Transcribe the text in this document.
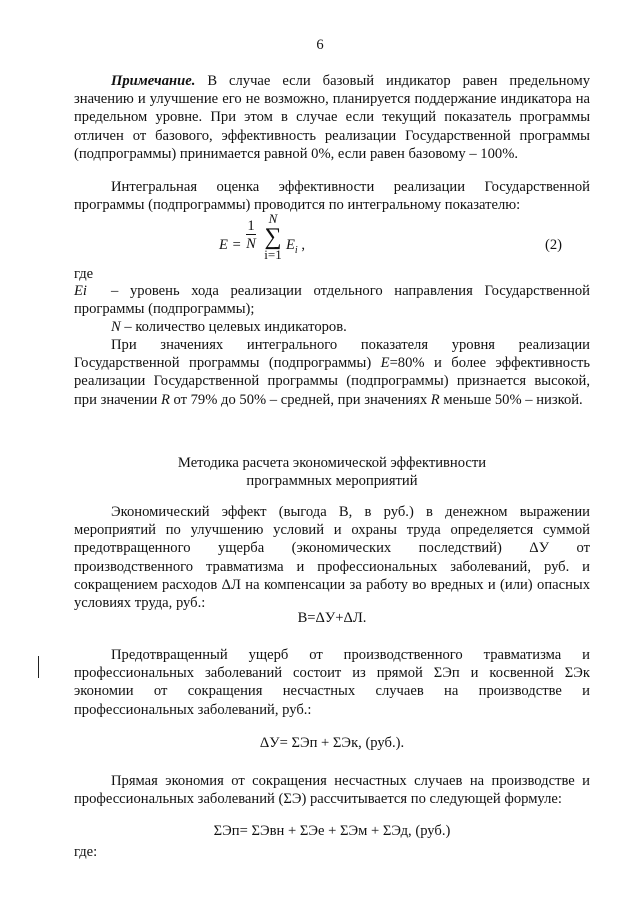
6

Примечание. В случае если базовый индикатор равен предельному значению и улучшение его не возможно, планируется поддержание индикатора на предельном уровне. При этом в случае если текущий показатель программы отличен от базового, эффективность реализации Государственной программы (подпрограммы) принимается равной 0%, если равен базовому – 100%.

Интегральная оценка эффективности реализации Государственной программы (подпрограммы) проводится по интегральному показателю:

E =
1
N
N
∑
i=1
$E_i$ ,	(2)
где

Ei – уровень хода реализации отдельного направления Государственной программы (подпрограммы);

N – количество целевых индикаторов.

При значениях интегрального показателя уровня реализации Государственной программы (подпрограммы) E=80% и более эффективность реализации Государственной программы (подпрограммы) признается высокой, при значении R от 79% до 50% – средней, при значениях R меньше 50% – низкой.

Методика расчета экономической эффективности программных мероприятий

Экономический эффект (выгода В, в руб.) в денежном выражении мероприятий по улучшению условий и охраны труда определяется суммой предотвращенного ущерба (экономических последствий) ΔУ от производственного травматизма и профессиональных заболеваний, руб. и сокращением расходов ΔЛ на компенсации за работу во вредных и (или) опасных условиях труда, руб.:

В=ΔУ+ΔЛ.

Предотвращенный ущерб от производственного травматизма и профессиональных заболеваний состоит из прямой ΣЭп и косвенной ΣЭк экономии от сокращения несчастных случаев на производстве и профессиональных заболеваний, руб.:

ΔУ= ΣЭп + ΣЭк, (руб.).

Прямая экономия от сокращения несчастных случаев на производстве и профессиональных заболеваний (ΣЭ) рассчитывается по следующей формуле:

ΣЭп= ΣЭвн + ΣЭе + ΣЭм + ΣЭд, (руб.)
где:
